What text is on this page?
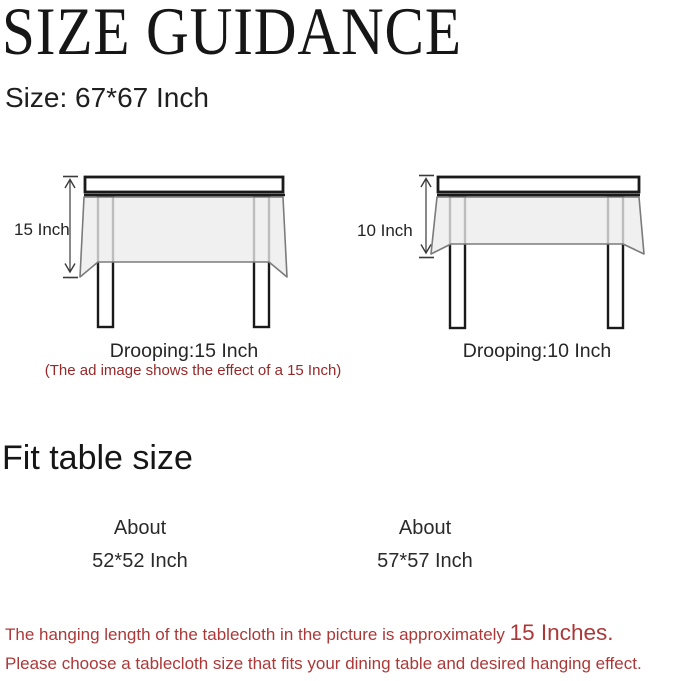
SIZE GUIDANCE
Size: 67*67 Inch
15 Inch	10 Inch
Drooping:15 Inch	Drooping:10 Inch
(The ad image shows the effect of a 15 Inch)
Fit table size
About
52*52 Inch
About
57*57 Inch
The hanging length of the tablecloth in the picture is approximately 15 Inches.
Please choose a tablecloth size that fits your dining table and desired hanging effect.
